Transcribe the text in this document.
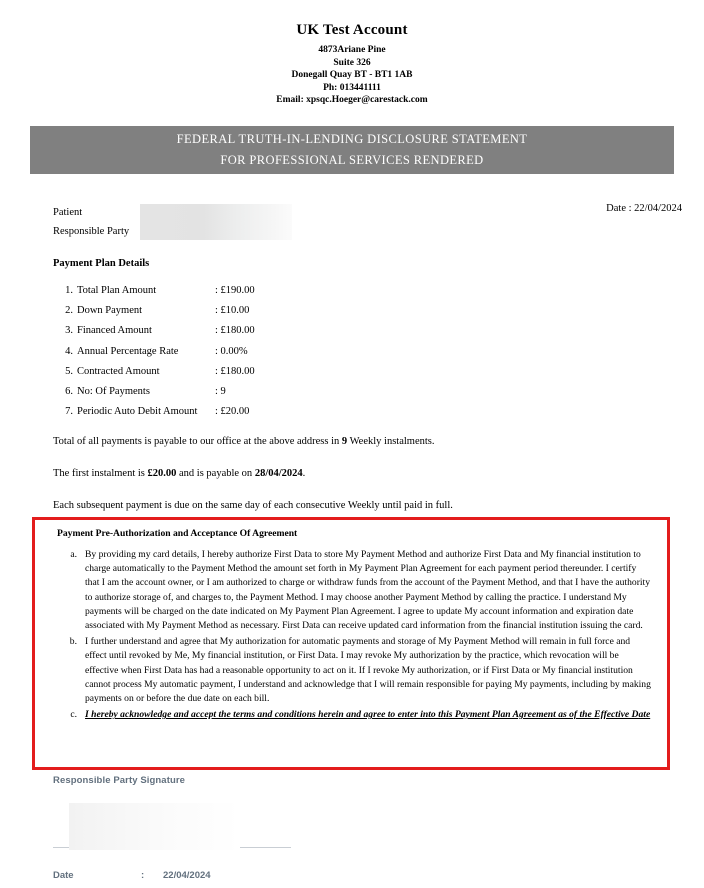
UK Test Account
4873Ariane Pine
Suite 326
Donegall Quay BT - BT1 1AB
Ph: 013441111
Email: xpsqc.Hoeger@carestack.com
FEDERAL TRUTH-IN-LENDING DISCLOSURE STATEMENT
FOR PROFESSIONAL SERVICES RENDERED
Patient
Responsible Party
Date : 22/04/2024
Payment Plan Details
1. Total Plan Amount	: £190.00
2. Down Payment	: £10.00
3. Financed Amount	: £180.00
4. Annual Percentage Rate	: 0.00%
5. Contracted Amount	: £180.00
6. No: Of Payments	: 9
7. Periodic Auto Debit Amount	: £20.00

Total of all payments is payable to our office at the above address in 9 Weekly instalments.

The first instalment is £20.00 and is payable on 28/04/2024.

Each subsequent payment is due on the same day of each consecutive Weekly until paid in full.

Payment Pre-Authorization and Acceptance Of Agreement
a. By providing my card details, I hereby authorize First Data to store My Payment Method and authorize First Data and My financial institution to charge automatically to the Payment Method the amount set forth in My Payment Plan Agreement for each payment period thereunder. I certify that I am the account owner, or I am authorized to charge or withdraw funds from the account of the Payment Method, and that I have the authority to authorize storage of, and charges to, the Payment Method. I may choose another Payment Method by calling the practice. I understand My payments will be charged on the date indicated on My Payment Plan Agreement. I agree to update My account information and expiration date associated with My Payment Method as necessary. First Data can receive updated card information from the financial institution issuing the card.
b. I further understand and agree that My authorization for automatic payments and storage of My Payment Method will remain in full force and effect until revoked by Me, My financial institution, or First Data. I may revoke My authorization by the practice, which revocation will be effective when First Data has had a reasonable opportunity to act on it. If I revoke My authorization, or if First Data or My financial institution cannot process My automatic payment, I understand and acknowledge that I will remain responsible for paying My payments, including by making payments on or before the due date on each bill.
c. I hereby acknowledge and accept the terms and conditions herein and agree to enter into this Payment Plan Agreement as of the Effective Date
Responsible Party Signature
Date	:	22/04/2024
